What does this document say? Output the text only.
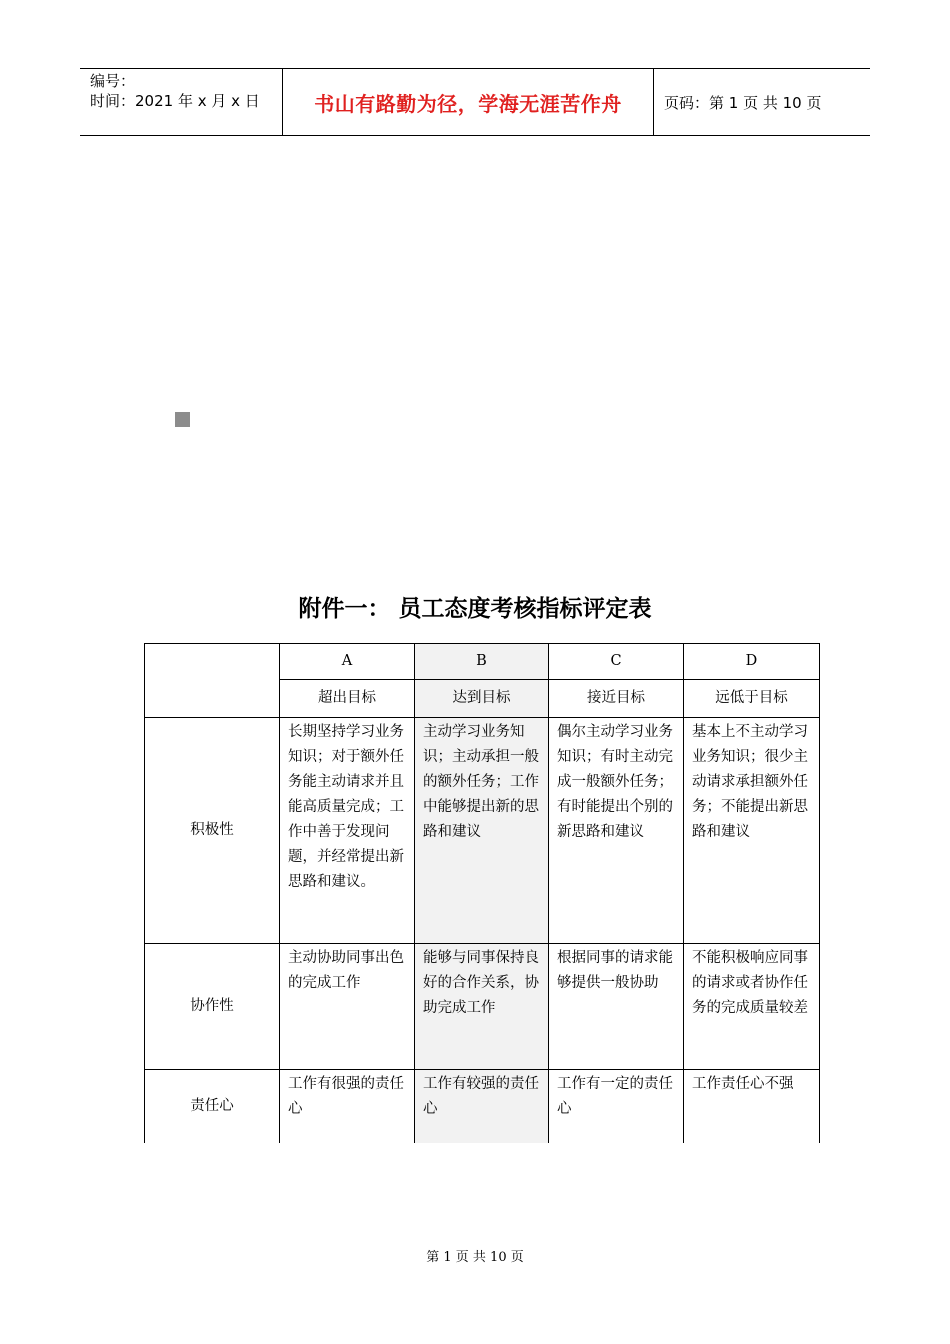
编号：
时间：2021 年 x 月 x 日	书山有路勤为径，学海无涯苦作舟	页码：第 1 页 共 10 页
附件一： 员工态度考核指标评定表
	A	B	C	D
	超出目标	达到目标	接近目标	远低于目标
积极性	长期坚持学习业务知识；对于额外任务能主动请求并且能高质量完成；工作中善于发现问题，并经常提出新思路和建议。	主动学习业务知识；主动承担一般的额外任务；工作中能够提出新的思路和建议	偶尔主动学习业务知识；有时主动完成一般额外任务；有时能提出个别的新思路和建议	基本上不主动学习业务知识；很少主动请求承担额外任务；不能提出新思路和建议
协作性	主动协助同事出色的完成工作	能够与同事保持良好的合作关系，协助完成工作	根据同事的请求能够提供一般协助	不能积极响应同事的请求或者协作任务的完成质量较差
责任心	工作有很强的责任心	工作有较强的责任心	工作有一定的责任心	工作责任心不强
第 1 页 共 10 页
